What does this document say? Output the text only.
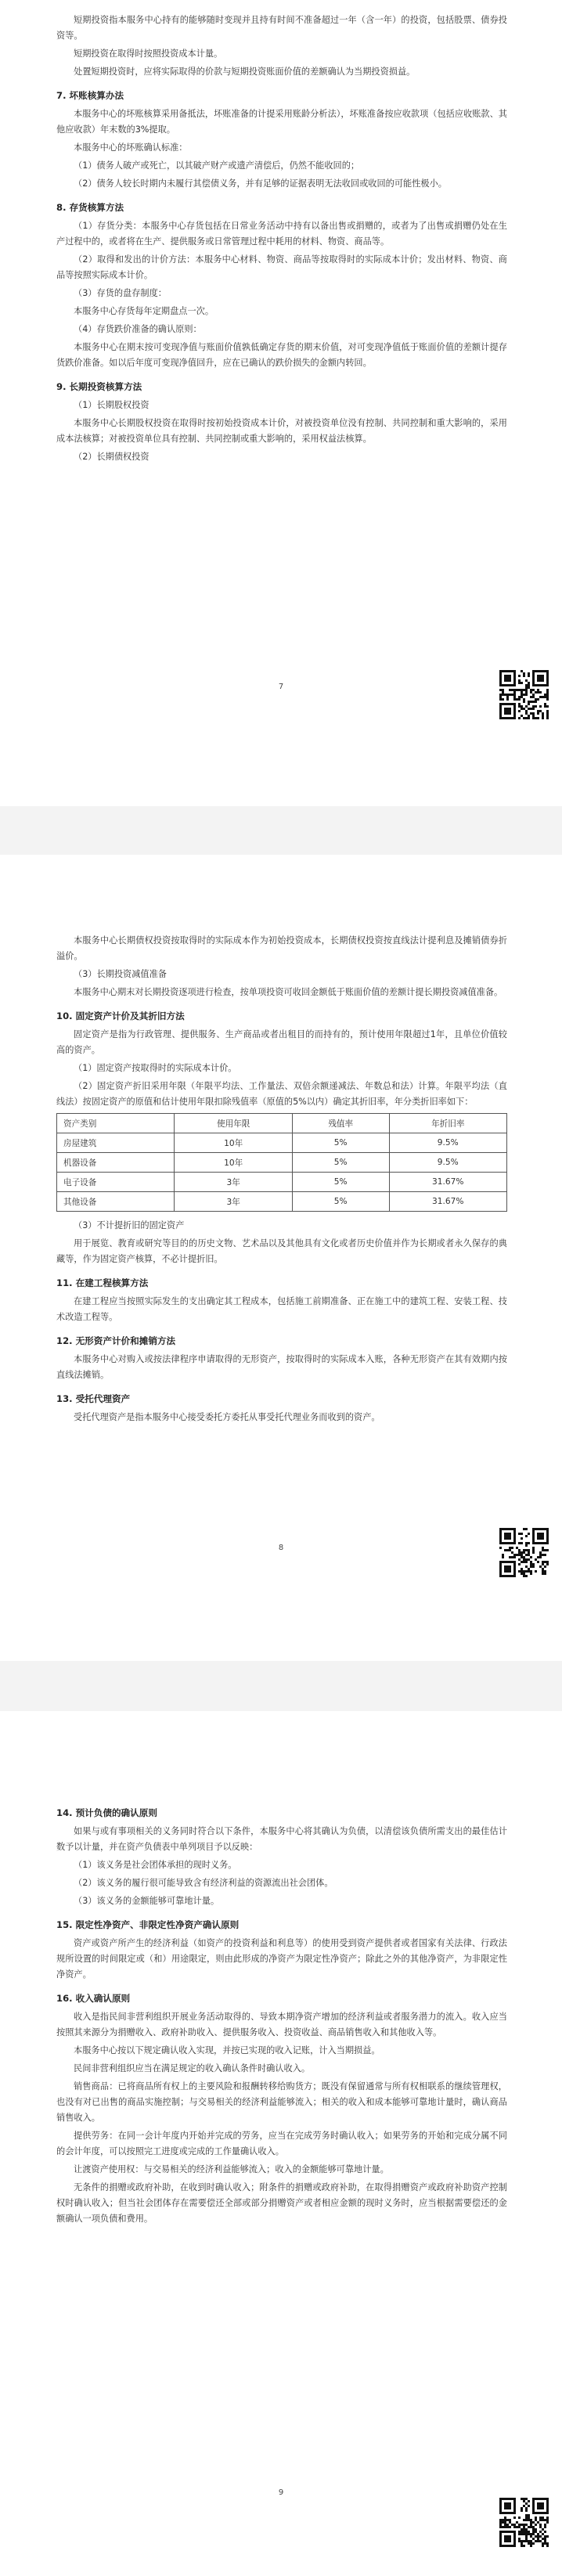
短期投资指本服务中心持有的能够随时变现并且持有时间不准备超过一年（含一年）的投资，包括股票、债券投资等。

短期投资在取得时按照投资成本计量。

处置短期投资时，应将实际取得的价款与短期投资账面价值的差额确认为当期投资损益。

7. 坏账核算办法

本服务中心的坏账核算采用备抵法，坏账准备的计提采用账龄分析法），坏账准备按应收款项（包括应收账款、其他应收款）年末数的3%提取。

本服务中心的坏账确认标准：

（1）债务人破产或死亡，以其破产财产或遗产清偿后，仍然不能收回的；

（2）债务人较长时期内未履行其偿债义务，并有足够的证据表明无法收回或收回的可能性极小。

8. 存货核算方法

（1）存货分类：本服务中心存货包括在日常业务活动中持有以备出售或捐赠的，或者为了出售或捐赠仍处在生产过程中的，或者将在生产、提供服务或日常管理过程中耗用的材料、物资、商品等。

（2）取得和发出的计价方法：本服务中心材料、物资、商品等按取得时的实际成本计价；发出材料、物资、商品等按照实际成本计价。

（3）存货的盘存制度：

本服务中心存货每年定期盘点一次。

（4）存货跌价准备的确认原则：

本服务中心在期末按可变现净值与账面价值孰低确定存货的期末价值，对可变现净值低于账面价值的差额计提存货跌价准备。如以后年度可变现净值回升，应在已确认的跌价损失的金额内转回。

9. 长期投资核算方法

（1）长期股权投资

本服务中心长期股权投资在取得时按初始投资成本计价，对被投资单位没有控制、共同控制和重大影响的，采用成本法核算；对被投资单位具有控制、共同控制或重大影响的，采用权益法核算。

（2）长期债权投资

7

本服务中心长期债权投资按取得时的实际成本作为初始投资成本，长期债权投资按直线法计提利息及摊销债券折溢价。

（3）长期投资减值准备

本服务中心期末对长期投资逐项进行检查，按单项投资可收回金额低于账面价值的差额计提长期投资减值准备。

10. 固定资产计价及其折旧方法

固定资产是指为行政管理、提供服务、生产商品或者出租目的而持有的，预计使用年限超过1年，且单位价值较高的资产。

（1）固定资产按取得时的实际成本计价。

（2）固定资产折旧采用年限（年限平均法、工作量法、双倍余额递减法、年数总和法）计算。年限平均法（直线法）按固定资产的原值和估计使用年限扣除残值率（原值的5%以内）确定其折旧率，年分类折旧率如下：

资产类别	使用年限	残值率	年折旧率
房屋建筑	10年	5%	9.5%
机器设备	10年	5%	9.5%
电子设备	3年	5%	31.67%
其他设备	3年	5%	31.67%

（3）不计提折旧的固定资产

用于展览、教育或研究等目的的历史文物、艺术品以及其他具有文化或者历史价值并作为长期或者永久保存的典藏等，作为固定资产核算，不必计提折旧。

11. 在建工程核算方法

在建工程应当按照实际发生的支出确定其工程成本，包括施工前期准备、正在施工中的建筑工程、安装工程、技术改造工程等。

12. 无形资产计价和摊销方法

本服务中心对购入或按法律程序申请取得的无形资产，按取得时的实际成本入账，各种无形资产在其有效期内按直线法摊销。

13. 受托代理资产

受托代理资产是指本服务中心接受委托方委托从事受托代理业务而收到的资产。

8

14. 预计负债的确认原则

如果与或有事项相关的义务同时符合以下条件，本服务中心将其确认为负债，以清偿该负债所需支出的最佳估计数予以计量，并在资产负债表中单列项目予以反映：

（1）该义务是社会团体承担的现时义务。

（2）该义务的履行很可能导致含有经济利益的资源流出社会团体。

（3）该义务的金额能够可靠地计量。

15. 限定性净资产、非限定性净资产确认原则

资产或资产所产生的经济利益（如资产的投资利益和利息等）的使用受到资产提供者或者国家有关法律、行政法规所设置的时间限定或（和）用途限定，则由此形成的净资产为限定性净资产；除此之外的其他净资产，为非限定性净资产。

16. 收入确认原则

收入是指民间非营利组织开展业务活动取得的、导致本期净资产增加的经济利益或者服务潜力的流入。收入应当按照其来源分为捐赠收入、政府补助收入、提供服务收入、投资收益、商品销售收入和其他收入等。

本服务中心按以下规定确认收入实现，并按已实现的收入记账，计入当期损益。

民间非营利组织应当在满足规定的收入确认条件时确认收入。

销售商品：已将商品所有权上的主要风险和报酬转移给购货方；既没有保留通常与所有权相联系的继续管理权，也没有对已出售的商品实施控制；与交易相关的经济利益能够流入；相关的收入和成本能够可靠地计量时，确认商品销售收入。

提供劳务：在同一会计年度内开始并完成的劳务，应当在完成劳务时确认收入；如果劳务的开始和完成分属不同的会计年度，可以按照完工进度或完成的工作量确认收入。

让渡资产使用权：与交易相关的经济利益能够流入；收入的金额能够可靠地计量。

无条件的捐赠或政府补助，在收到时确认收入；附条件的捐赠或政府补助，在取得捐赠资产或政府补助资产控制权时确认收入；但当社会团体存在需要偿还全部或部分捐赠资产或者相应金额的现时义务时，应当根据需要偿还的金额确认一项负债和费用。

9
